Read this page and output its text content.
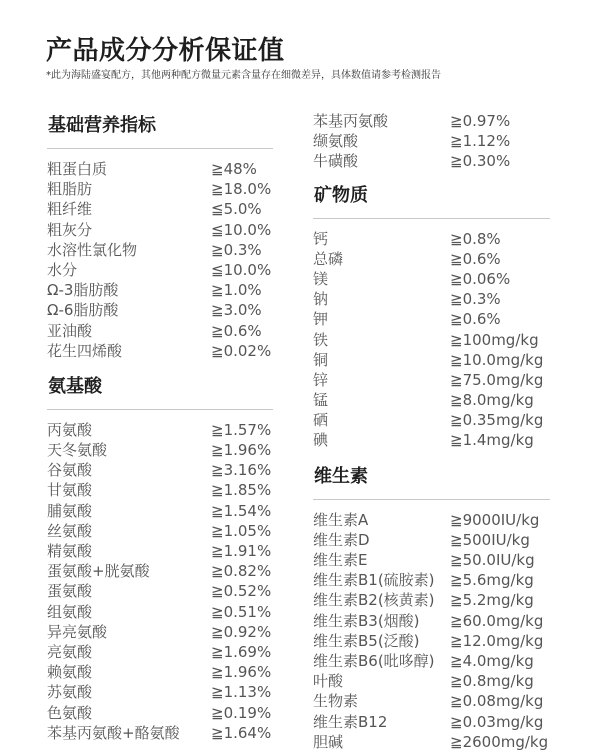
产品成分分析保证值
*此为海陆盛宴配方，其他两种配方微量元素含量存在细微差异，具体数值请参考检测报告
基础营养指标
粗蛋白质	≧48%
粗脂肪	≧18.0%
粗纤维	≦5.0%
粗灰分	≦10.0%
水溶性氯化物	≧0.3%
水分	≦10.0%
Ω-3脂肪酸	≧1.0%
Ω-6脂肪酸	≧3.0%
亚油酸	≧0.6%
花生四烯酸	≧0.02%
氨基酸
丙氨酸	≧1.57%
天冬氨酸	≧1.96%
谷氨酸	≧3.16%
甘氨酸	≧1.85%
脯氨酸	≧1.54%
丝氨酸	≧1.05%
精氨酸	≧1.91%
蛋氨酸+胱氨酸	≧0.82%
蛋氨酸	≧0.52%
组氨酸	≧0.51%
异亮氨酸	≧0.92%
亮氨酸	≧1.69%
赖氨酸	≧1.96%
苏氨酸	≧1.13%
色氨酸	≧0.19%
苯基丙氨酸+酪氨酸	≧1.64%
苯基丙氨酸	≧0.97%
缬氨酸	≧1.12%
牛磺酸	≧0.30%
矿物质
钙	≧0.8%
总磷	≧0.6%
镁	≧0.06%
钠	≧0.3%
钾	≧0.6%
铁	≧100mg/kg
铜	≧10.0mg/kg
锌	≧75.0mg/kg
锰	≧8.0mg/kg
硒	≧0.35mg/kg
碘	≧1.4mg/kg
维生素
维生素A	≧9000IU/kg
维生素D	≧500IU/kg
维生素E	≧50.0IU/kg
维生素B1(硫胺素)	≧5.6mg/kg
维生素B2(核黄素)	≧5.2mg/kg
维生素B3(烟酸)	≧60.0mg/kg
维生素B5(泛酸)	≧12.0mg/kg
维生素B6(吡哆醇)	≧4.0mg/kg
叶酸	≧0.8mg/kg
生物素	≧0.08mg/kg
维生素B12	≧0.03mg/kg
胆碱	≧2600mg/kg
